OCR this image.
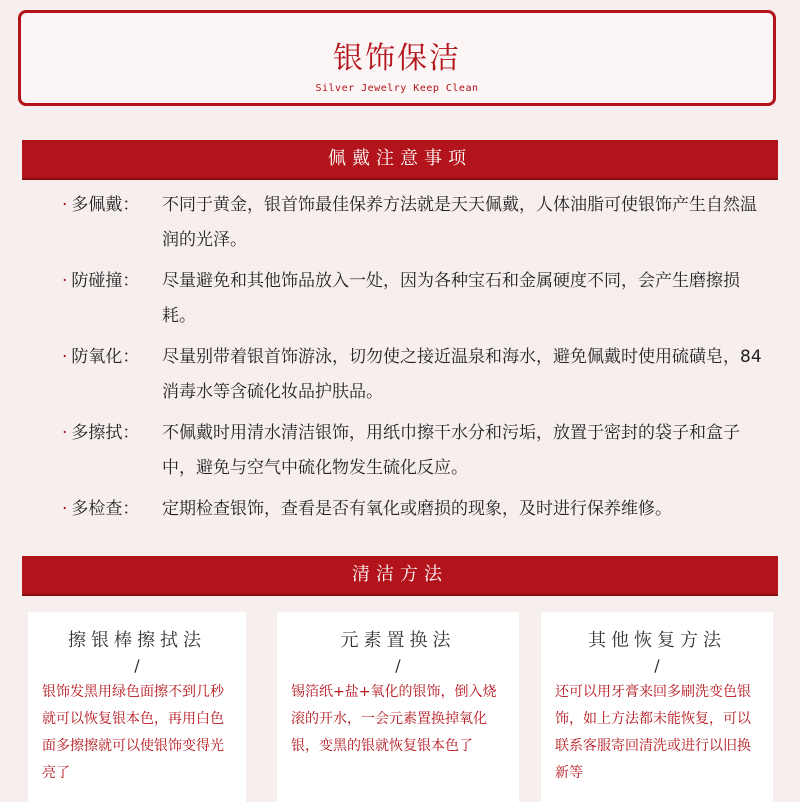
银饰保洁
Silver Jewelry Keep Clean
佩戴注意事项
· 多佩戴：	不同于黄金，银首饰最佳保养方法就是天天佩戴，人体油脂可使银饰产生自然温润的光泽。
· 防碰撞：	尽量避免和其他饰品放入一处，因为各种宝石和金属硬度不同，会产生磨擦损耗。
· 防氧化：	尽量别带着银首饰游泳，切勿使之接近温泉和海水，避免佩戴时使用硫磺皂，84消毒水等含硫化妆品护肤品。
· 多擦拭：	不佩戴时用清水清洁银饰，用纸巾擦干水分和污垢，放置于密封的袋子和盒子中，避免与空气中硫化物发生硫化反应。
· 多检查：	定期检查银饰，查看是否有氧化或磨损的现象，及时进行保养维修。
清洁方法
擦银棒擦拭法
/
银饰发黑用绿色面擦不到几秒就可以恢复银本色，再用白色面多擦擦就可以使银饰变得光亮了
元素置换法
/
锡箔纸+盐+氧化的银饰，倒入烧滚的开水，一会元素置换掉氧化银，变黑的银就恢复银本色了
其他恢复方法
/
还可以用牙膏来回多刷洗变色银饰，如上方法都未能恢复，可以联系客服寄回清洗或进行以旧换新等
